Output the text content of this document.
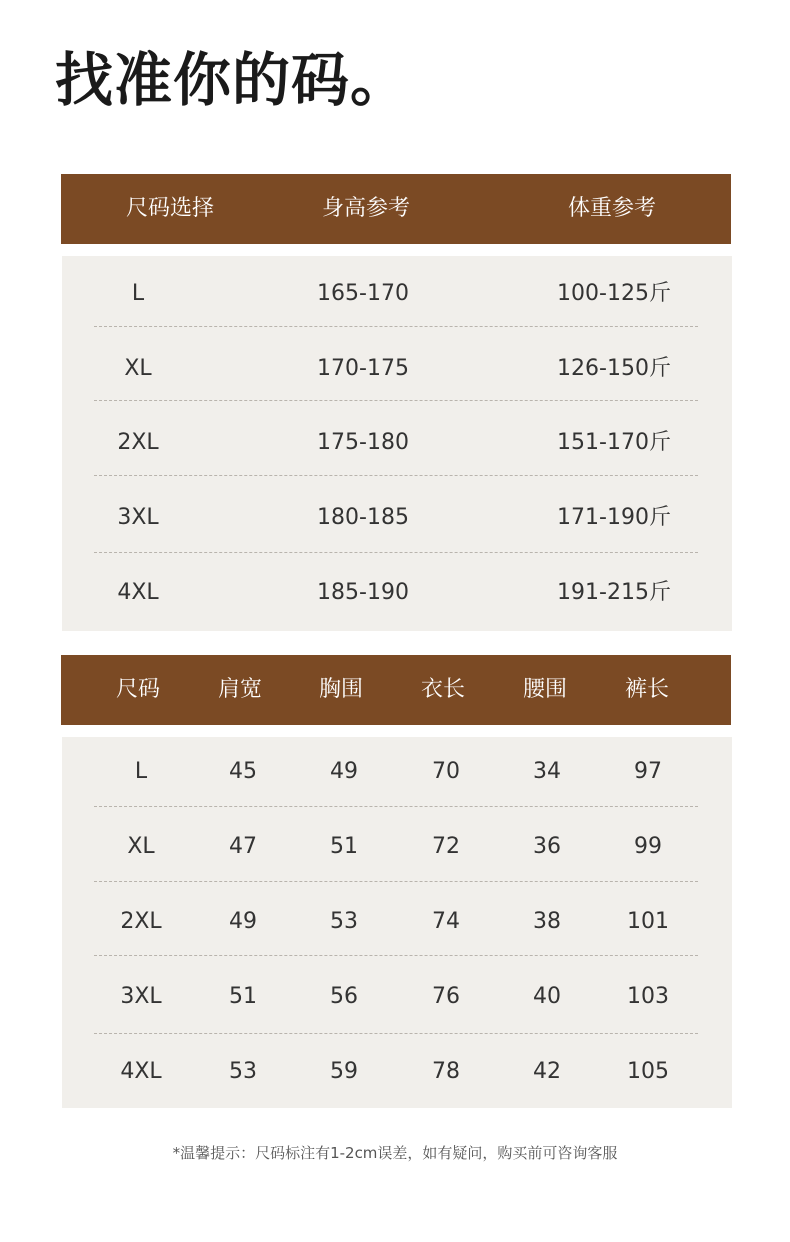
找准你的码。
尺码选择	身高参考	体重参考
L	165-170	100-125斤
XL	170-175	126-150斤
2XL	175-180	151-170斤
3XL	180-185	171-190斤
4XL	185-190	191-215斤
尺码	肩宽	胸围	衣长	腰围	裤长
L	45	49	70	34	97
XL	47	51	72	36	99
2XL	49	53	74	38	101
3XL	51	56	76	40	103
4XL	53	59	78	42	105
*温馨提示：尺码标注有1-2cm误差，如有疑问，购买前可咨询客服
